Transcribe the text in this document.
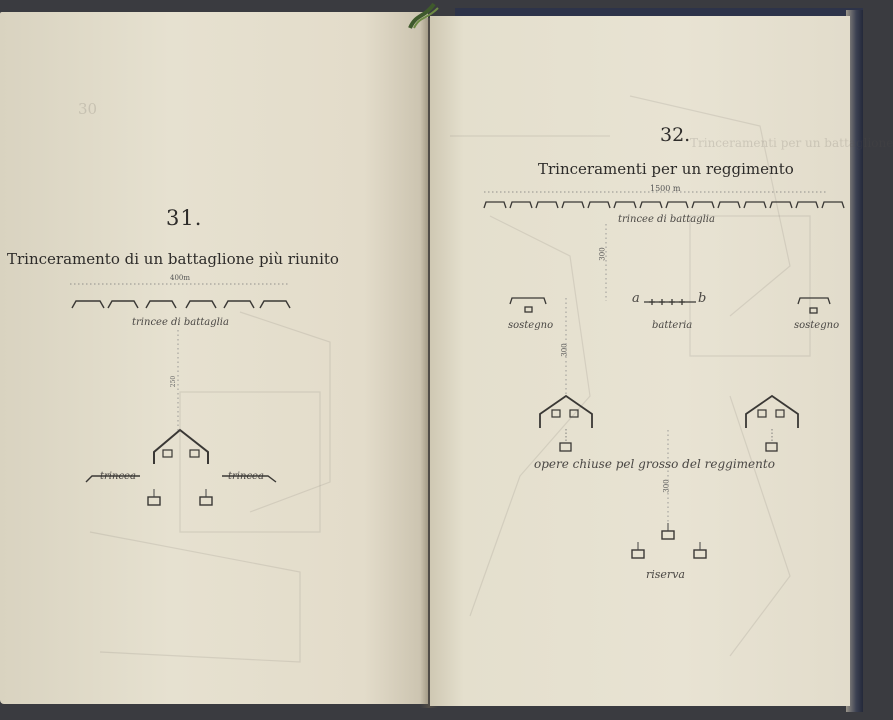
30
31.
Trinceramento di un battaglione più riunito
400m
trincee di battaglia
250
trincea	trincea
Trinceramenti per un battaglione
32.
Trinceramenti per un reggimento
1500 m
trincee di battaglia
300
sostegno
a	b
batteria	sostegno
300
opere chiuse pel grosso del reggimento
300
riserva
